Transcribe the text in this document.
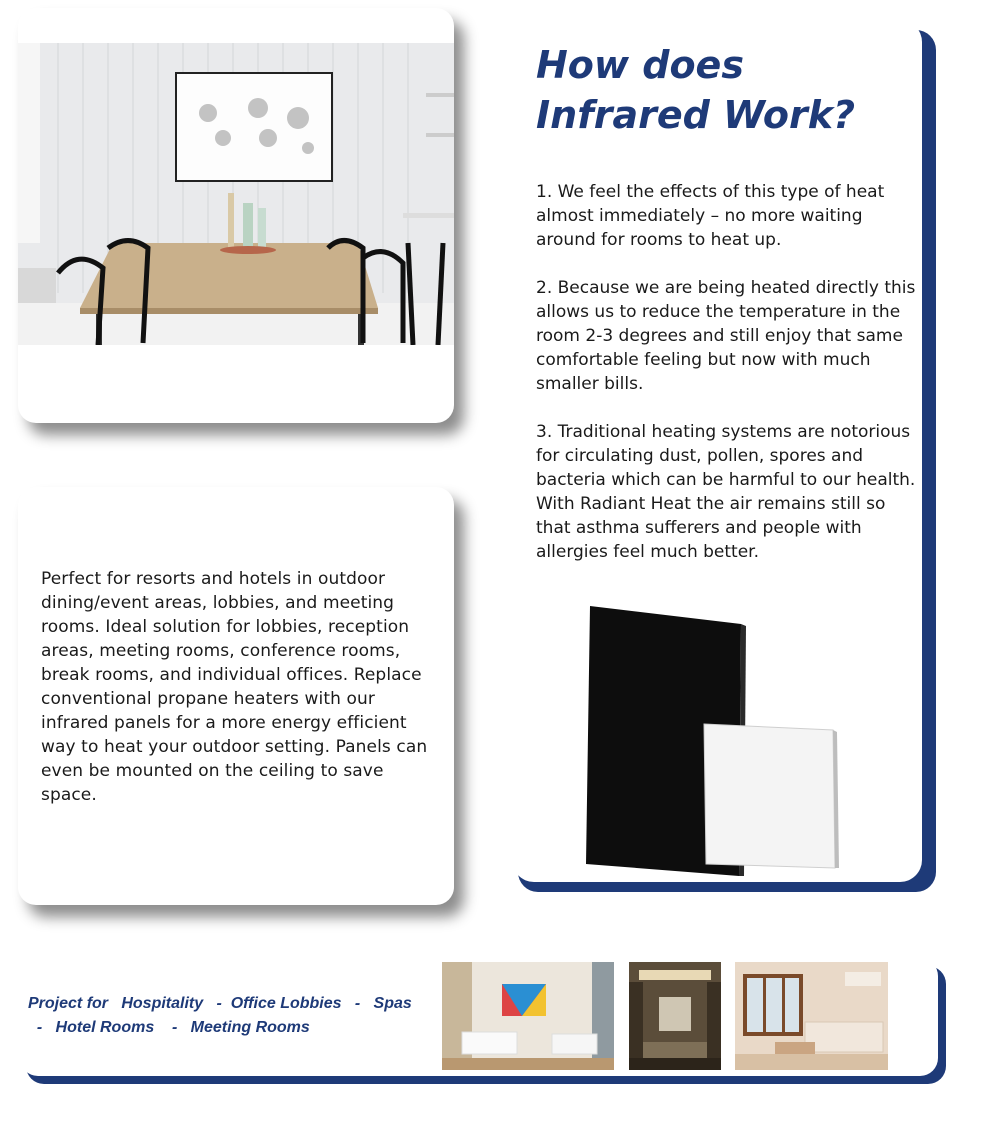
Perfect for resorts and hotels in outdoor dining/event areas, lobbies, and meeting rooms. Ideal solution for lobbies, reception areas, meeting rooms, conference rooms, break rooms, and individual offices. Replace conventional propane heaters with our infrared panels for a more energy efficient way to heat your outdoor setting. Panels can even be mounted on the ceiling to save space.

How does Infrared Work?

1. We feel the effects of this type of heat almost immediately – no more waiting around for rooms to heat up.

2. Because we are being heated directly this allows us to reduce the temperature in the room 2-3 degrees and still enjoy that same comfortable feeling but now with much smaller bills.

3. Traditional heating systems are notorious for circulating dust, pollen, spores and bacteria which can be harmful to our health. With Radiant Heat the air remains still so that asthma sufferers and people with allergies feel much better.

Project for   Hospitality   -  Office Lobbies   -   Spas
-   Hotel Rooms    -   Meeting Rooms
